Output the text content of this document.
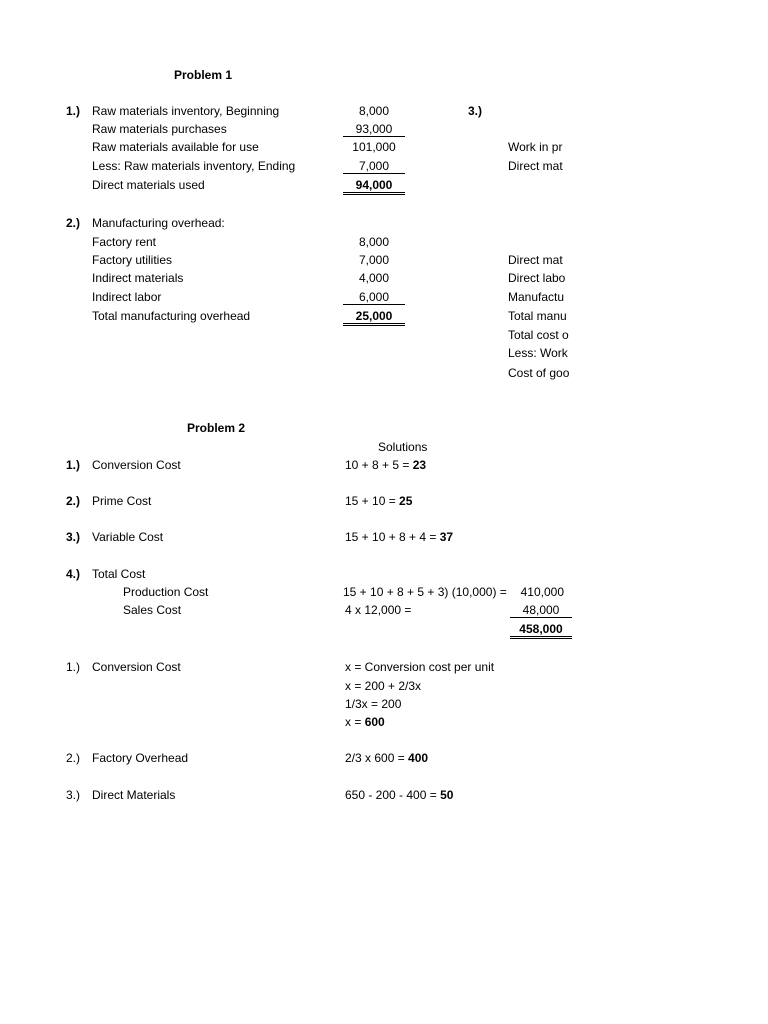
Problem 1
1.) Raw materials inventory, Beginning	8,000
Raw materials purchases	93,000
Raw materials available for use	101,000
Less: Raw materials inventory, Ending	7,000
Direct materials used	94,000
2.) Manufacturing overhead:
Factory rent	8,000
Factory utilities	7,000
Indirect materials	4,000
Indirect labor	6,000
Total manufacturing overhead	25,000
3.)
Work in pr
Direct mat
Direct mat
Direct labo
Manufactu
Total manu
Total cost o
Less: Work
Cost of goo
Problem 2
Solutions
1.) Conversion Cost	10 + 8 + 5 = 23
2.) Prime Cost	15 + 10 = 25
3.) Variable Cost	15 + 10 + 8 + 4 = 37
4.) Total Cost
Production Cost	15 + 10 + 8 + 5 + 3) (10,000) =	410,000
Sales Cost	4 x 12,000 =	48,000
458,000
1.) Conversion Cost	x = Conversion cost per unit
x = 200 + 2/3x
1/3x = 200
x = 600
2.) Factory Overhead	2/3 x 600 = 400
3.) Direct Materials	650 - 200 - 400 = 50
